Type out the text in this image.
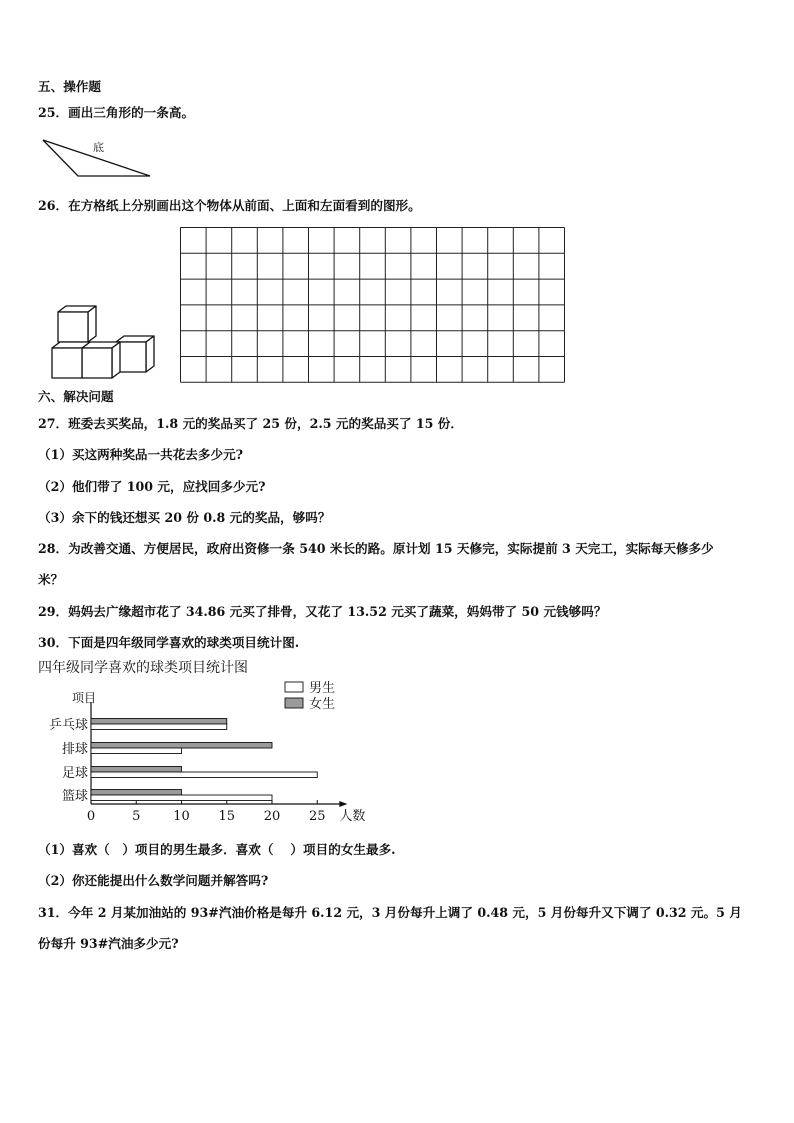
五、操作题
25．画出三角形的一条高。
底
26．在方格纸上分别画出这个物体从前面、上面和左面看到的图形。
六、解决问题
27．班委去买奖品，1.8 元的奖品买了 25 份，2.5 元的奖品买了 15 份．
（1）买这两种奖品一共花去多少元?
（2）他们带了 100 元，应找回多少元?
（3）余下的钱还想买 20 份 0.8 元的奖品，够吗？
28．为改善交通、方便居民，政府出资修一条 540 米长的路。原计划 15 天修完，实际提前 3 天完工，实际每天修多少
米？
29．妈妈去广缘超市花了 34.86 元买了排骨，又花了 13.52 元买了蔬菜，妈妈带了 50 元钱够吗？
30．下面是四年级同学喜欢的球类项目统计图.
四年级同学喜欢的球类项目统计图
项目
0	5	10 15 20 25 人数
乒乓球
排球
足球
篮球
男生
女生
（1）喜欢（　）项目的男生最多．喜欢（　 ）项目的女生最多.
（2）你还能提出什么数学问题并解答吗?
31．今年 2 月某加油站的 93#汽油价格是每升 6.12 元，3 月份每升上调了 0.48 元，5 月份每升又下调了 0.32 元。5 月
份每升 93#汽油多少元?
